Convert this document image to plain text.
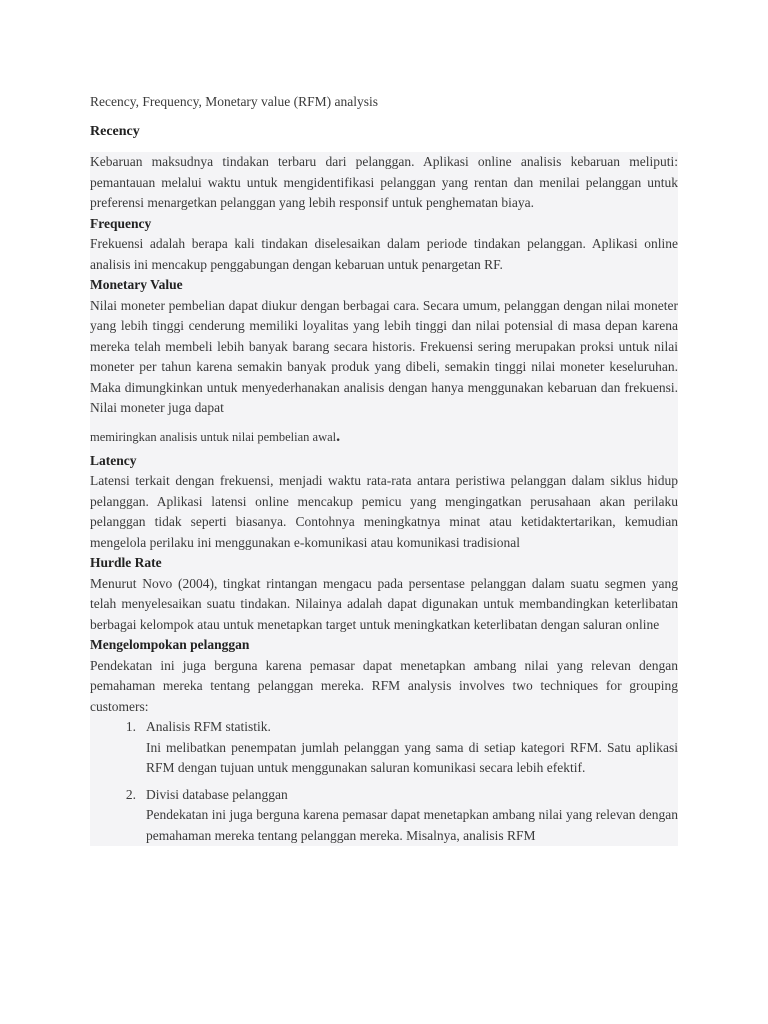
Recency, Frequency, Monetary value (RFM) analysis

Recency

Kebaruan maksudnya tindakan terbaru dari pelanggan. Aplikasi online analisis kebaruan meliputi: pemantauan melalui waktu untuk mengidentifikasi pelanggan yang rentan dan menilai pelanggan untuk preferensi menargetkan pelanggan yang lebih responsif untuk penghematan biaya.

Frequency

Frekuensi adalah berapa kali tindakan diselesaikan dalam periode tindakan pelanggan. Aplikasi online analisis ini mencakup penggabungan dengan kebaruan untuk penargetan RF.

Monetary Value

Nilai moneter pembelian dapat diukur dengan berbagai cara. Secara umum, pelanggan dengan nilai moneter yang lebih tinggi cenderung memiliki loyalitas yang lebih tinggi dan nilai potensial di masa depan karena mereka telah membeli lebih banyak barang secara historis. Frekuensi sering merupakan proksi untuk nilai moneter per tahun karena semakin banyak produk yang dibeli, semakin tinggi nilai moneter keseluruhan. Maka dimungkinkan untuk menyederhanakan analisis dengan hanya menggunakan kebaruan dan frekuensi. Nilai moneter juga dapat

memiringkan analisis untuk nilai pembelian awal.

Latency

Latensi terkait dengan frekuensi, menjadi waktu rata-rata antara peristiwa pelanggan dalam siklus hidup pelanggan. Aplikasi latensi online mencakup pemicu yang mengingatkan perusahaan akan perilaku pelanggan tidak seperti biasanya. Contohnya meningkatnya minat atau ketidaktertarikan, kemudian mengelola perilaku ini menggunakan e-komunikasi atau komunikasi tradisional

Hurdle Rate

Menurut Novo (2004), tingkat rintangan mengacu pada persentase pelanggan dalam suatu segmen yang telah menyelesaikan suatu tindakan. Nilainya adalah dapat digunakan untuk membandingkan keterlibatan berbagai kelompok atau untuk menetapkan target untuk meningkatkan keterlibatan dengan saluran online

Mengelompokan pelanggan

Pendekatan ini juga berguna karena pemasar dapat menetapkan ambang nilai yang relevan dengan pemahaman mereka tentang pelanggan mereka. RFM analysis involves two techniques for grouping customers:

1. Analisis RFM statistik.

Ini melibatkan penempatan jumlah pelanggan yang sama di setiap kategori RFM. Satu aplikasi RFM dengan tujuan untuk menggunakan saluran komunikasi secara lebih efektif.

2. Divisi database pelanggan

Pendekatan ini juga berguna karena pemasar dapat menetapkan ambang nilai yang relevan dengan pemahaman mereka tentang pelanggan mereka. Misalnya, analisis RFM
